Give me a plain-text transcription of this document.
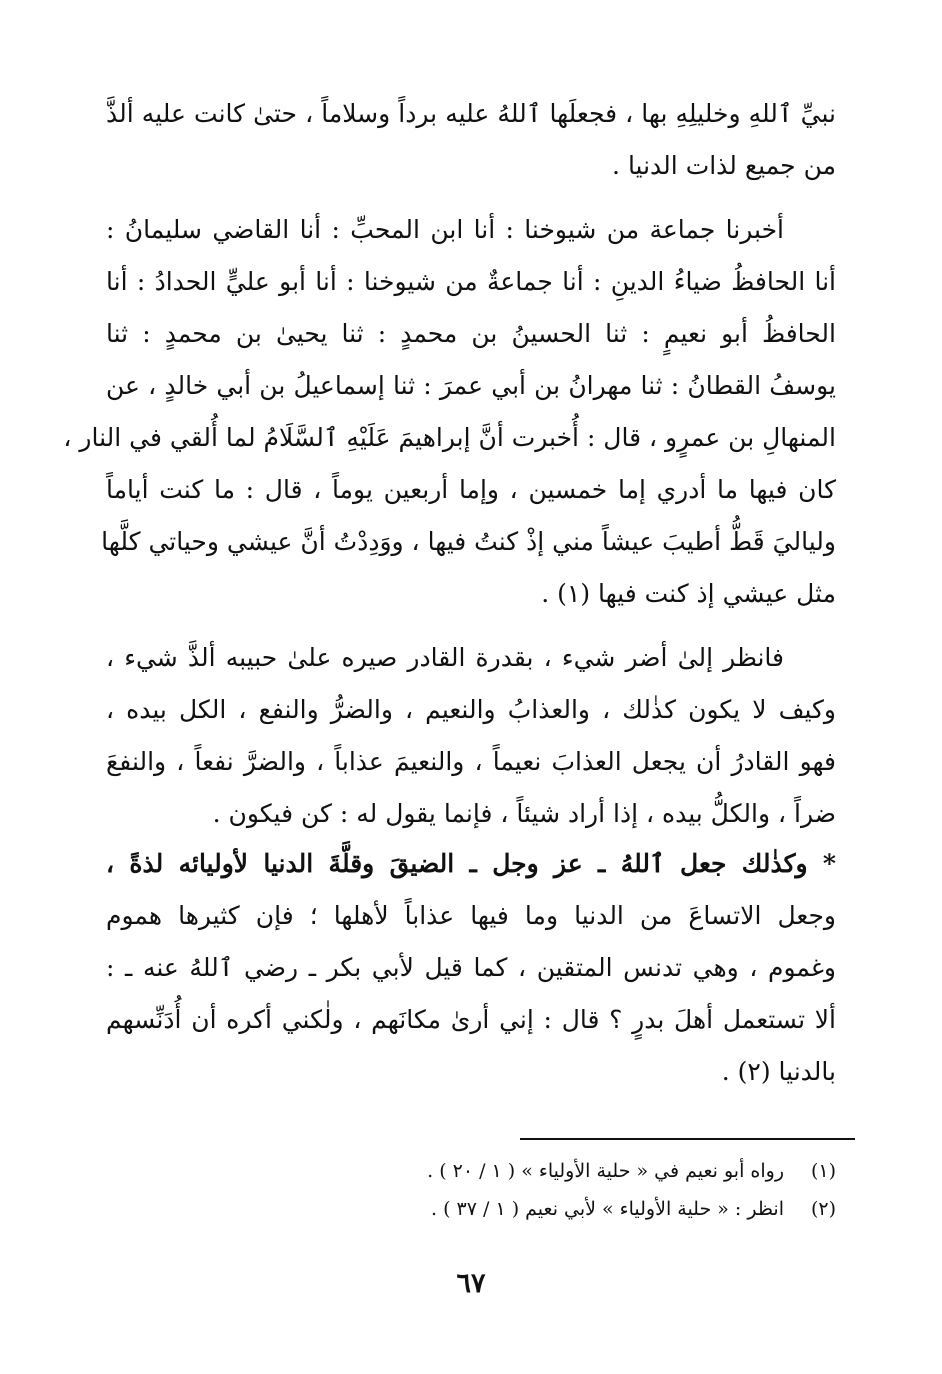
نبيِّ ٱللهِ وخليلِهِ بها ، فجعلَها ٱللهُ عليه برداً وسلاماً ، حتىٰ كانت عليه ألذَّ
من جميع لذات الدنيا .
أخبرنا جماعة من شيوخنا : أنا ابن المحبِّ : أنا القاضي سليمانُ :
أنا الحافظُ ضياءُ الدينِ : أنا جماعةٌ من شيوخنا : أنا أبو عليٍّ الحدادُ : أنا
الحافظُ أبو نعيمٍ : ثنا الحسينُ بن محمدٍ : ثنا يحيىٰ بن محمدٍ : ثنا
يوسفُ القطانُ : ثنا مهرانُ بن أبي عمرَ : ثنا إسماعيلُ بن أبي خالدٍ ، عن
المنهالِ بن عمرٍو ، قال : أُخبرت أنَّ إبراهيمَ عَلَيْهِ ٱلسَّلَامُ لما أُلقي في النار ،
كان فيها ما أدري إما خمسين ، وإما أربعين يوماً ، قال : ما كنت أياماً
ولياليَ قَطُّ أطيبَ عيشاً مني إذْ كنتُ فيها ، ووَدِدْتُ أنَّ عيشي وحياتي كلَّها
مثل عيشي إذ كنت فيها (١) .
فانظر إلىٰ أضر شيء ، بقدرة القادر صيره علىٰ حبيبه ألذَّ شيء ،
وكيف لا يكون كذٰلك ، والعذابُ والنعيم ، والضرُّ والنفع ، الكل بيده ،
فهو القادرُ أن يجعل العذابَ نعيماً ، والنعيمَ عذاباً ، والضرَّ نفعاً ، والنفعَ
ضراً ، والكلُّ بيده ، إذا أراد شيئاً ، فإنما يقول له : كن فيكون .
* وكذٰلك جعل ٱللهُ ـ عز وجل ـ الضيقَ وقلَّةَ الدنيا لأوليائه لذةً ،
وجعل الاتساعَ من الدنيا وما فيها عذاباً لأهلها ؛ فإن كثيرها هموم
وغموم ، وهي تدنس المتقين ، كما قيل لأبي بكر ـ رضي ٱللهُ عنه ـ :
ألا تستعمل أهلَ بدرٍ ؟ قال : إني أرىٰ مكانَهم ، ولٰكني أكره أن أُدَنِّسهم
بالدنيا (٢) .
(١)
رواه أبو نعيم في « حلية الأولياء » ( ١ / ٢٠ ) .
(٢)
انظر : « حلية الأولياء » لأبي نعيم ( ١ / ٣٧ ) .
٦٧
